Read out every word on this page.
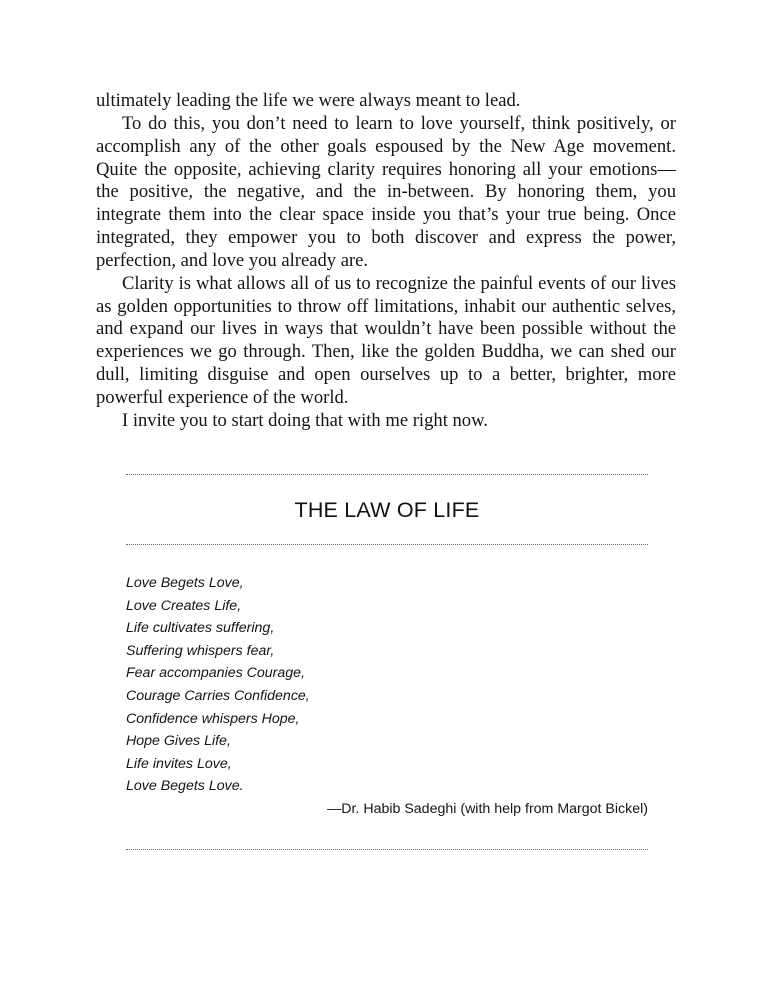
ultimately leading the life we were always meant to lead.

To do this, you don’t need to learn to love yourself, think positively, or accomplish any of the other goals espoused by the New Age movement. Quite the opposite, achieving clarity requires honoring all your emotions—the positive, the negative, and the in-between. By honoring them, you integrate them into the clear space inside you that’s your true being. Once integrated, they empower you to both discover and express the power, perfection, and love you already are.

Clarity is what allows all of us to recognize the painful events of our lives as golden opportunities to throw off limitations, inhabit our authentic selves, and expand our lives in ways that wouldn’t have been possible without the experiences we go through. Then, like the golden Buddha, we can shed our dull, limiting disguise and open ourselves up to a better, brighter, more powerful experience of the world.

I invite you to start doing that with me right now.

THE LAW OF LIFE
Love Begets Love,
Love Creates Life,
Life cultivates suffering,
Suffering whispers fear,
Fear accompanies Courage,
Courage Carries Confidence,
Confidence whispers Hope,
Hope Gives Life,
Life invites Love,
Love Begets Love.
—Dr. Habib Sadeghi (with help from Margot Bickel)
